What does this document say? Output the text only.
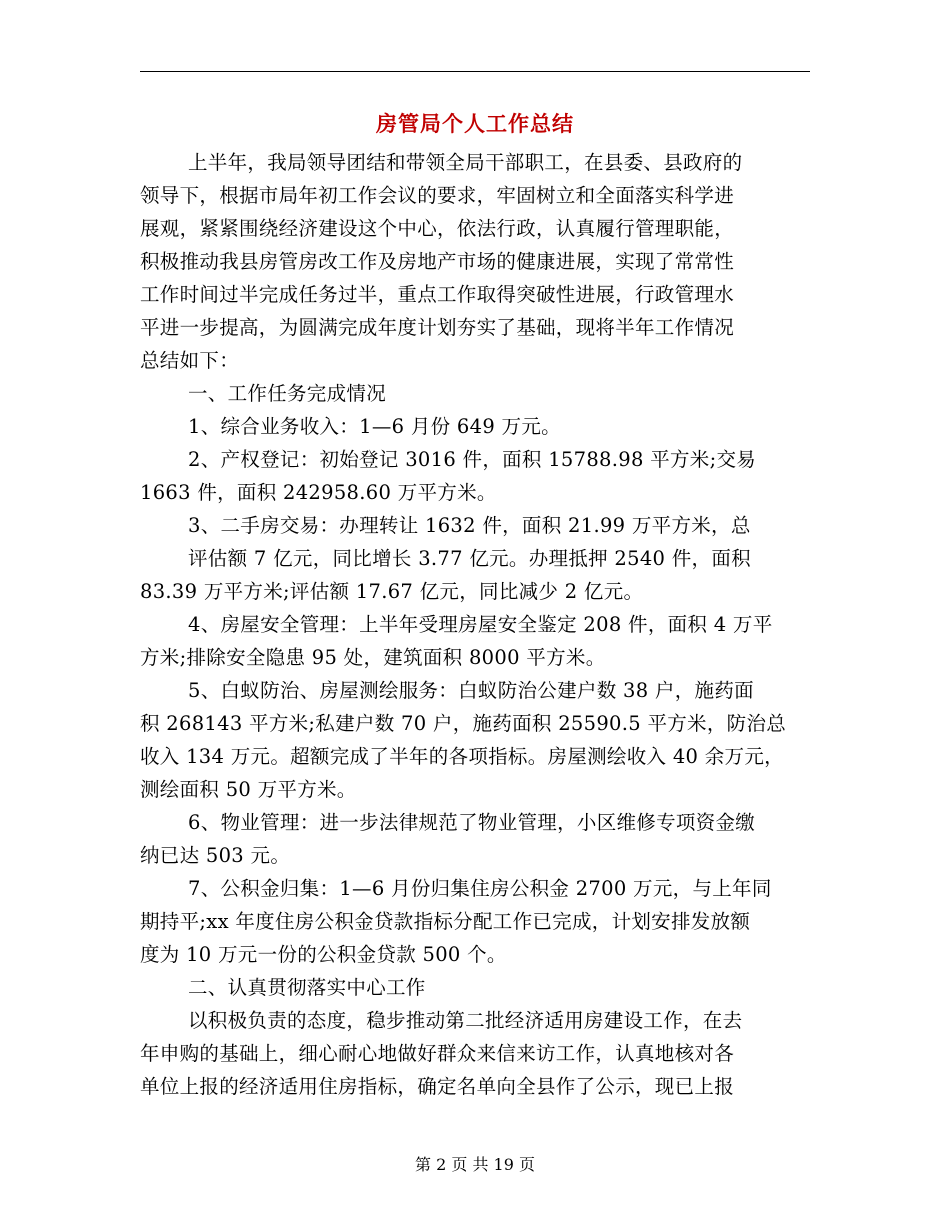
房管局个人工作总结
上半年，我局领导团结和带领全局干部职工，在县委、县政府的
领导下，根据市局年初工作会议的要求，牢固树立和全面落实科学进
展观，紧紧围绕经济建设这个中心，依法行政，认真履行管理职能，
积极推动我县房管房改工作及房地产市场的健康进展，实现了常常性
工作时间过半完成任务过半，重点工作取得突破性进展，行政管理水
平进一步提高，为圆满完成年度计划夯实了基础，现将半年工作情况
总结如下：
一、工作任务完成情况
1、综合业务收入：1—6 月份 649 万元。
2、产权登记：初始登记 3016 件，面积 15788.98 平方米;交易
1663 件，面积 242958.60 万平方米。
3、二手房交易：办理转让 1632 件，面积 21.99 万平方米，总
评估额 7 亿元，同比增长 3.77 亿元。办理抵押 2540 件，面积
83.39 万平方米;评估额 17.67 亿元，同比减少 2 亿元。
4、房屋安全管理：上半年受理房屋安全鉴定 208 件，面积 4 万平
方米;排除安全隐患 95 处，建筑面积 8000 平方米。
5、白蚁防治、房屋测绘服务：白蚁防治公建户数 38 户，施药面
积 268143 平方米;私建户数 70 户，施药面积 25590.5 平方米，防治总
收入 134 万元。超额完成了半年的各项指标。房屋测绘收入 40 余万元，
测绘面积 50 万平方米。
6、物业管理：进一步法律规范了物业管理，小区维修专项资金缴
纳已达 503 元。
7、公积金归集：1—6 月份归集住房公积金 2700 万元，与上年同
期持平;xx 年度住房公积金贷款指标分配工作已完成，计划安排发放额
度为 10 万元一份的公积金贷款 500 个。
二、认真贯彻落实中心工作
以积极负责的态度，稳步推动第二批经济适用房建设工作，在去
年申购的基础上，细心耐心地做好群众来信来访工作，认真地核对各
单位上报的经济适用住房指标，确定名单向全县作了公示，现已上报
第 2 页 共 19 页
